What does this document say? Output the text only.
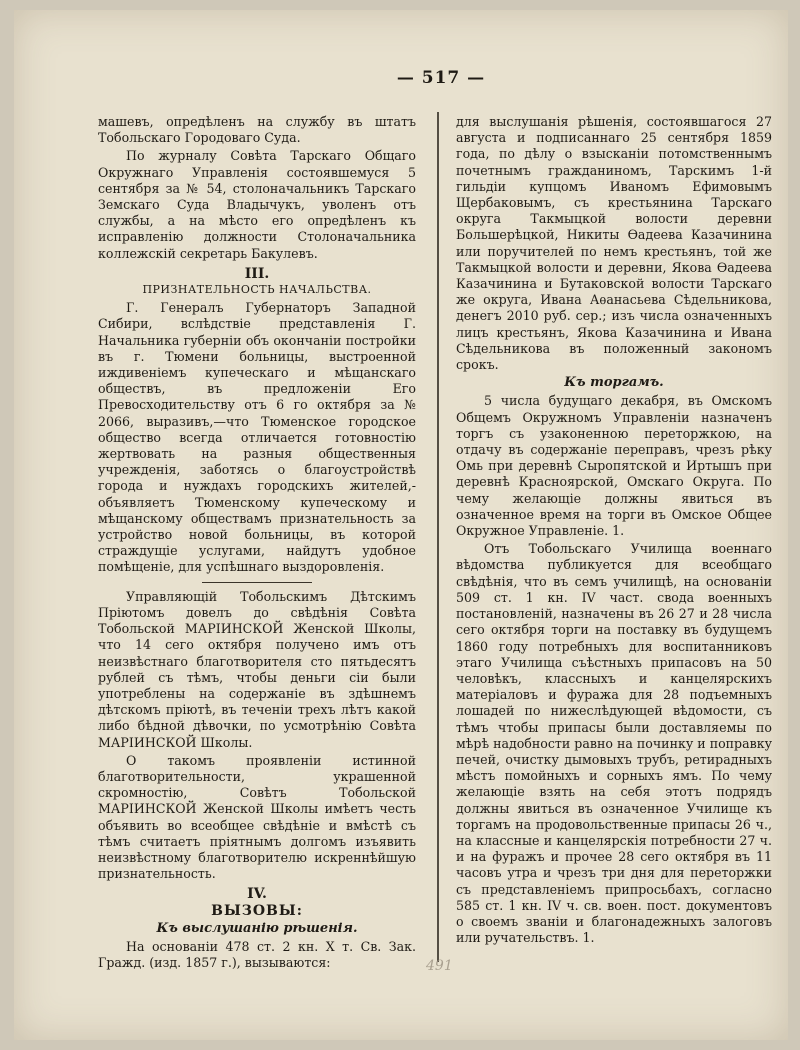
— 517 —

машевъ, опредѣленъ на службу въ штатъ Тобольскаго Городоваго Суда.

По журналу Совѣта Тарскаго Общаго Окружнаго Управленія состоявшемуся 5 сентября за № 54, столоначальникъ Тарскаго Земскаго Суда Владычукъ, уволенъ отъ службы, а на мѣсто его опредѣленъ къ исправленію должности Столоначальника коллежскій секретарь Бакулевъ.

III.
ПРИЗНАТЕЛЬНОСТЬ НАЧАЛЬСТВА.

Г. Генералъ Губернаторъ Западной Сибири, вслѣдствіе представленія Г. Начальника губерніи объ окончаніи постройки въ г. Тюмени больницы, выстроенной иждивеніемъ купеческаго и мѣщанскаго обществъ, въ предложеніи Его Превосходительству отъ 6 го октября за № 2066, выразивъ,—что Тюменское городское общество всегда отличается готовностію жертвовать на разныя общественныя учрежденія, заботясь о благоустройствѣ города и нуждахъ городскихъ жителей,-объявляетъ Тюменскому купеческому и мѣщанскому обществамъ признательность за устройство новой больницы, въ которой страждущіе услугами, найдутъ удобное помѣщеніе, для успѣшнаго выздоровленія.

Управляющій Тобольскимъ Дѣтскимъ Пріютомъ довелъ до свѣдѣнія Совѣта Тобольской МАРІИНСКОЙ Женской Школы, что 14 сего октября получено имъ отъ неизвѣстнаго благотворителя сто пятьдесятъ рублей съ тѣмъ, чтобы деньги сіи были употреблены на содержаніе въ здѣшнемъ дѣтскомъ пріютѣ, въ теченіи трехъ лѣтъ какой либо бѣдной дѣвочки, по усмотрѣнію Совѣта МАРІИНСКОЙ Школы.

О такомъ проявленіи истинной благотворительности, украшенной скромностію, Совѣтъ Тобольской МАРІИНСКОЙ Женской Школы имѣетъ честь объявить во всеобщее свѣдѣніе и вмѣстѣ съ тѣмъ считаетъ пріятнымъ долгомъ изъявить неизвѣстному благотворителю искреннѣйшую признательность.

IV.
ВЫЗОВЫ:
Къ выслушанію рѣшенія.

На основаніи 478 ст. 2 кн. X т. Св. Зак. Гражд. (изд. 1857 г.), вызываются:

для выслушанія рѣшенія, состоявшагося 27 августа и подписаннаго 25 сентября 1859 года, по дѣлу о взысканіи потомственнымъ почетнымъ гражданиномъ, Тарскимъ 1-й гильдіи купцомъ Иваномъ Ефимовымъ Щербаковымъ, съ крестьянина Тарскаго округа Такмыцкой волости деревни Большерѣцкой, Никиты Ѳадеева Казачинина или поручителей по немъ крестьянъ, той же Такмыцкой волости и деревни, Якова Ѳадеева Казачинина и Бутаковской волости Тарскаго же округа, Ивана Аѳанасьева Сѣдельникова, денегъ 2010 руб. сер.; изъ числа означенныхъ лицъ крестьянъ, Якова Казачинина и Ивана Сѣдельникова въ положенный закономъ срокъ.

Къ торгамъ.

5 числа будущаго декабря, въ Омскомъ Общемъ Окружномъ Управленіи назначенъ торгъ съ узаконенною переторжкою, на отдачу въ содержаніе переправъ, чрезъ рѣку Омь при деревнѣ Сыропятской и Иртышъ при деревнѣ Красноярской, Омскаго Округа. По чему желающіе должны явиться въ означенное время на торги въ Омское Общее Окружное Управленіе. 1.

Отъ Тобольскаго Училища военнаго вѣдомства публикуется для всеобщаго свѣдѣнія, что въ семъ училищѣ, на основаніи 509 ст. 1 кн. IV част. свода военныхъ постановленій, назначены въ 26 27 и 28 числа сего октября торги на поставку въ будущемъ 1860 году потребныхъ для воспитанниковъ этаго Училища съѣстныхъ припасовъ на 50 человѣкъ, классныхъ и канцелярскихъ матеріаловъ и фуража для 28 подъемныхъ лошадей по нижеслѣдующей вѣдомости, съ тѣмъ чтобы припасы были доставляемы по мѣрѣ надобности равно на починку и поправку печей, очистку дымовыхъ трубъ, ретирадныхъ мѣстъ помойныхъ и сорныхъ ямъ. По чему желающіе взять на себя этотъ подрядъ должны явиться въ означенное Училище къ торгамъ на продовольственные припасы 26 ч., на классные и канцелярскія потребности 27 ч. и на фуражъ и прочее 28 сего октября въ 11 часовъ утра и чрезъ три дня для переторжки съ представленіемъ припросьбахъ, согласно 585 ст. 1 кн. IV ч. св. воен. пост. документовъ о своемъ званіи и благонадежныхъ залоговъ или ручательствъ. 1.

491
